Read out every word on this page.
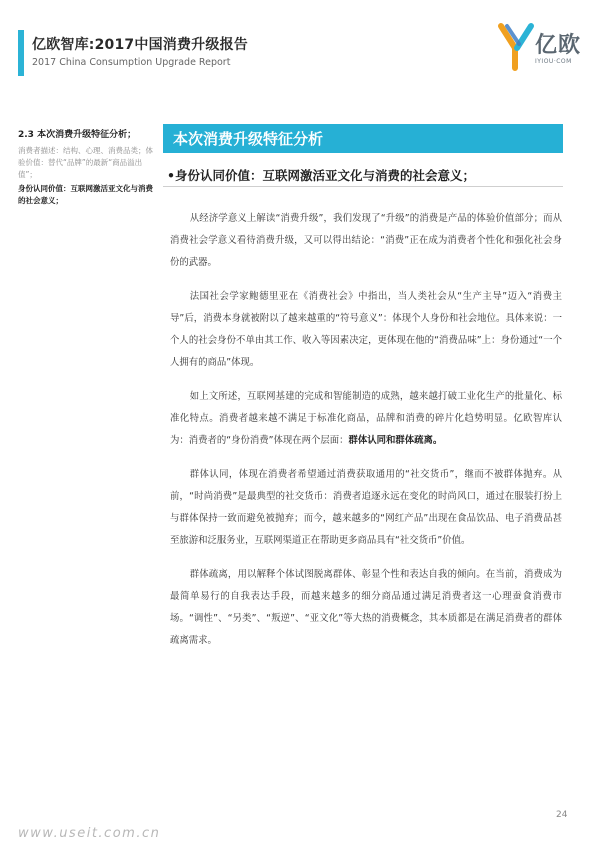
亿欧智库:2017中国消费升级报告
2017 China Consumption Upgrade Report
亿欧
IYIOU·COM
2.3 本次消费升级特征分析；
消费者描述：结构、心理、消费品类；体验价值：替代“品牌”的最新“商品溢出值”；
身份认同价值：互联网激活亚文化与消费的社会意义；
本次消费升级特征分析
•身份认同价值：互联网激活亚文化与消费的社会意义；

从经济学意义上解读“消费升级”，我们发现了“升级”的消费是产品的体验价值部分；而从消费社会学意义看待消费升级，又可以得出结论：“消费”正在成为消费者个性化和强化社会身份的武器。

法国社会学家鲍德里亚在《消费社会》中指出，当人类社会从“生产主导”迈入“消费主导”后，消费本身就被附以了越来越重的“符号意义”：体现个人身份和社会地位。具体来说：一个人的社会身份不单由其工作、收入等因素决定，更体现在他的“消费品味”上：身份通过“一个人拥有的商品”体现。

如上文所述，互联网基建的完成和智能制造的成熟，越来越打破工业化生产的批量化、标准化特点。消费者越来越不满足于标准化商品，品牌和消费的碎片化趋势明显。亿欧智库认为：消费者的“身份消费”体现在两个层面：群体认同和群体疏离。

群体认同，体现在消费者希望通过消费获取通用的“社交货币”，继而不被群体抛弃。从前，“时尚消费”是最典型的社交货币：消费者追逐永远在变化的时尚风口，通过在服装打扮上与群体保持一致而避免被抛弃；而今，越来越多的“网红产品”出现在食品饮品、电子消费品甚至旅游和泛服务业，互联网渠道正在帮助更多商品具有“社交货币”价值。

群体疏离，用以解释个体试图脱离群体、彰显个性和表达自我的倾向。在当前，消费成为最简单易行的自我表达手段，而越来越多的细分商品通过满足消费者这一心理蚕食消费市场。“调性”、“另类”、“叛逆”、“亚文化”等大热的消费概念，其本质都是在满足消费者的群体疏离需求。

24
www.useit.com.cn
